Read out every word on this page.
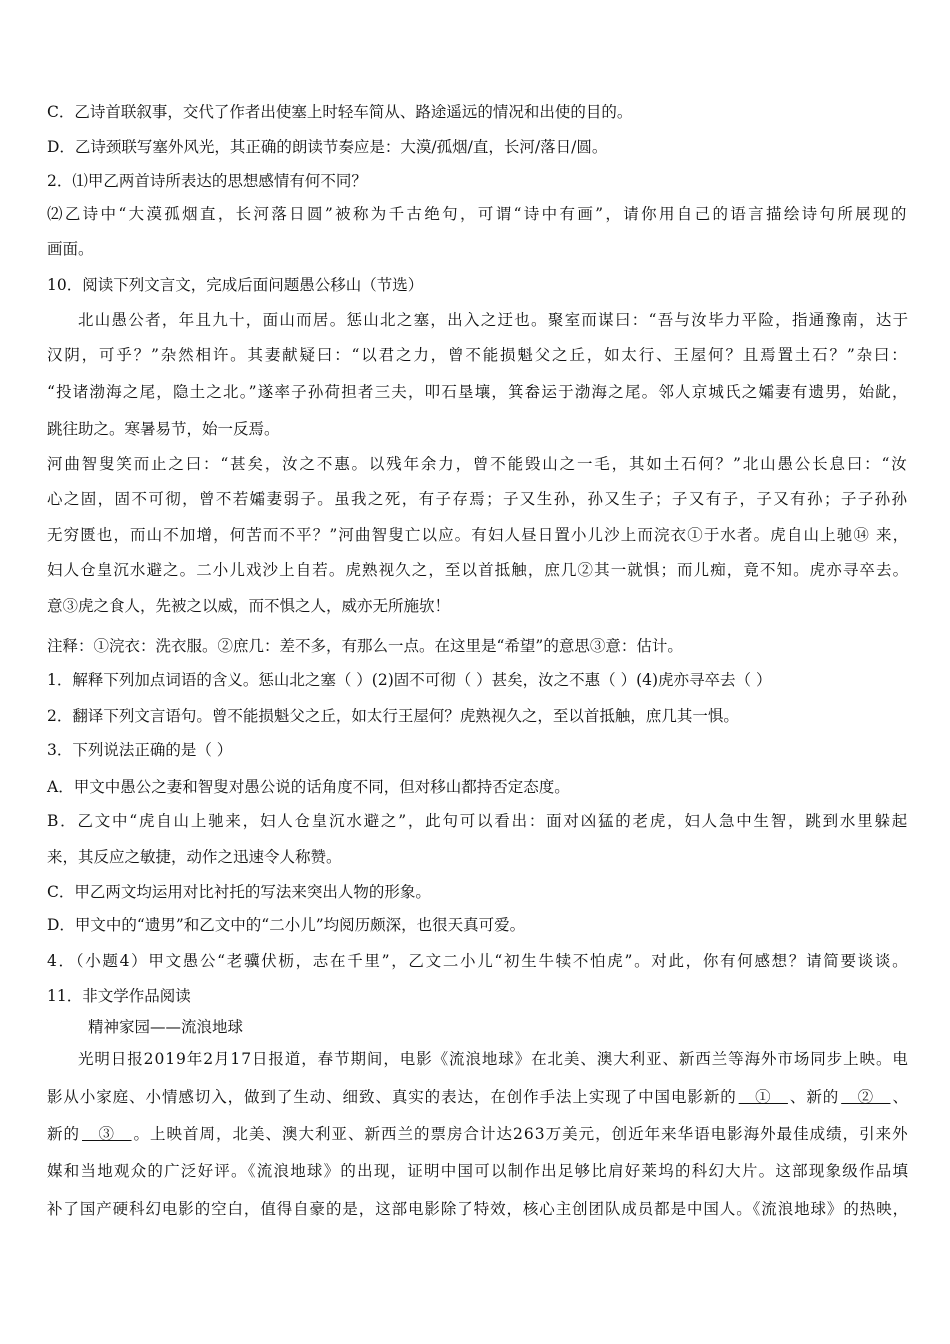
C．乙诗首联叙事，交代了作者出使塞上时轻车简从、路途遥远的情况和出使的目的。
D．乙诗颈联写塞外风光，其正确的朗读节奏应是：大漠/孤烟/直，长河/落日/圆。
2．⑴甲乙两首诗所表达的思想感情有何不同？
⑵乙诗中“大漠孤烟直，长河落日圆”被称为千古绝句，可谓“诗中有画”，请你用自己的语言描绘诗句所展现的
画面。
10．阅读下列文言文，完成后面问题愚公移山（节选）
北山愚公者，年且九十，面山而居。惩山北之塞，出入之迂也。聚室而谋曰：“吾与汝毕力平险，指通豫南，达于
汉阴，可乎？”杂然相许。其妻献疑曰：“以君之力，曾不能损魁父之丘，如太行、王屋何？且焉置土石？”杂曰：
“投诸渤海之尾，隐土之北。”遂率子孙荷担者三夫，叩石垦壤，箕畚运于渤海之尾。邻人京城氏之孀妻有遗男，始龀，
跳往助之。寒暑易节，始一反焉。
河曲智叟笑而止之曰：“甚矣，汝之不惠。以残年余力，曾不能毁山之一毛，其如土石何？”北山愚公长息曰：“汝
心之固，固不可彻，曾不若孀妻弱子。虽我之死，有子存焉；子又生孙，孙又生子；子又有子，子又有孙；子子孙孙
无穷匮也，而山不加增，何苦而不平？”河曲智叟亡以应。有妇人昼日置小儿沙上而浣衣①于水者。虎自山上驰⑭ 来，
妇人仓皇沉水避之。二小儿戏沙上自若。虎熟视久之，至以首抵触，庶几②其一就惧；而儿痴，竟不知。虎亦寻卒去。
意③虎之食人，先被之以威，而不惧之人，威亦无所施欤！
注释：①浣衣：洗衣服。②庶几：差不多，有那么一点。在这里是“希望”的意思③意：估计。
1．解释下列加点词语的含义。惩山北之塞（ ）(2)固不可彻（ ）甚矣，汝之不惠（ ）(4)虎亦寻卒去（ ）
2．翻译下列文言语句。曾不能损魁父之丘，如太行王屋何？虎熟视久之，至以首抵触，庶几其一惧。
3．下列说法正确的是（ ）
A．甲文中愚公之妻和智叟对愚公说的话角度不同，但对移山都持否定态度。
B．乙文中“虎自山上驰来，妇人仓皇沉水避之”，此句可以看出：面对凶猛的老虎，妇人急中生智，跳到水里躲起
来，其反应之敏捷，动作之迅速令人称赞。
C．甲乙两文均运用对比衬托的写法来突出人物的形象。
D．甲文中的“遗男”和乙文中的“二小儿”均阅历颇深，也很天真可爱。
4．（小题4）甲文愚公“老骥伏枥，志在千里”，乙文二小儿“初生牛犊不怕虎”。对此，你有何感想？请简要谈谈。
11．非文学作品阅读
精神家园——流浪地球
光明日报2019年2月17日报道，春节期间，电影《流浪地球》在北美、澳大利亚、新西兰等海外市场同步上映。电
影从小家庭、小情感切入，做到了生动、细致、真实的表达，在创作手法上实现了中国电影新的　①　、新的　②　、
新的　③　。上映首周，北美、澳大利亚、新西兰的票房合计达263万美元，创近年来华语电影海外最佳成绩，引来外
媒和当地观众的广泛好评。《流浪地球》的出现，证明中国可以制作出足够比肩好莱坞的科幻大片。这部现象级作品填
补了国产硬科幻电影的空白，值得自豪的是，这部电影除了特效，核心主创团队成员都是中国人。《流浪地球》的热映，
